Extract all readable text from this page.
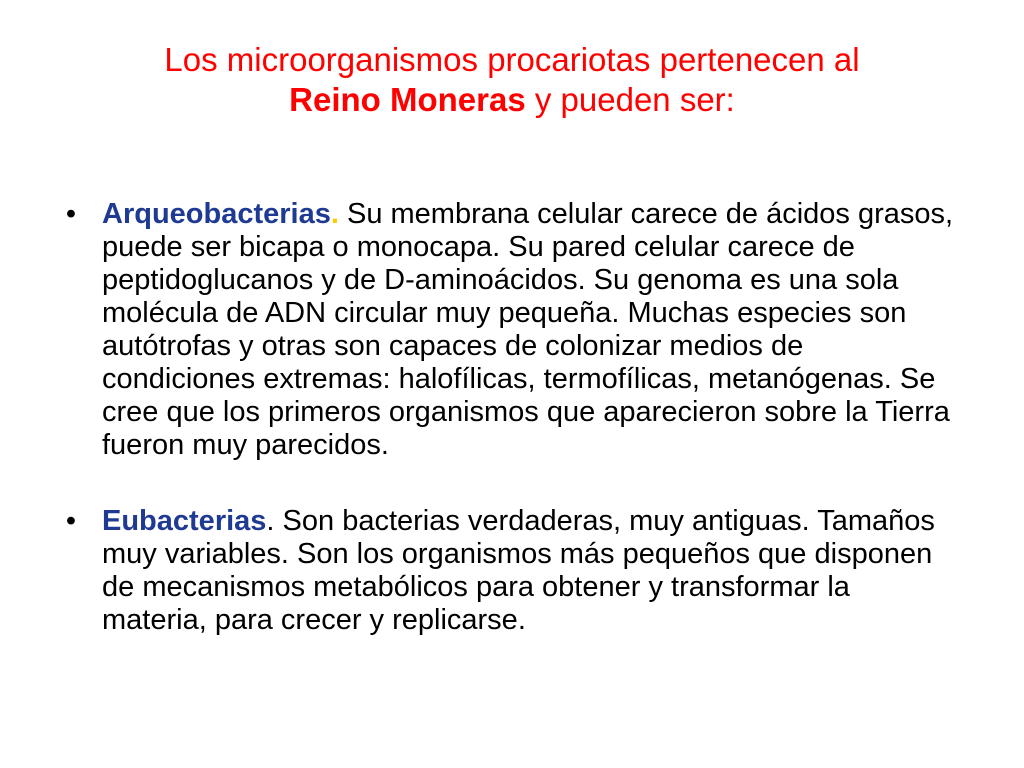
Los microorganismos procariotas pertenecen al
Reino Moneras y pueden ser:
• Arqueobacterias. Su membrana celular carece de ácidos grasos, puede ser bicapa o monocapa. Su pared celular carece de peptidoglucanos y de D-aminoácidos. Su genoma es una sola molécula de ADN circular muy pequeña. Muchas especies son autótrofas y otras son capaces de colonizar medios de condiciones extremas: halofílicas, termofílicas, metanógenas. Se cree que los primeros organismos que aparecieron sobre la Tierra fueron muy parecidos.
• Eubacterias. Son bacterias verdaderas, muy antiguas. Tamaños muy variables. Son los organismos más pequeños que disponen de mecanismos metabólicos para obtener y transformar la materia, para crecer y replicarse.
